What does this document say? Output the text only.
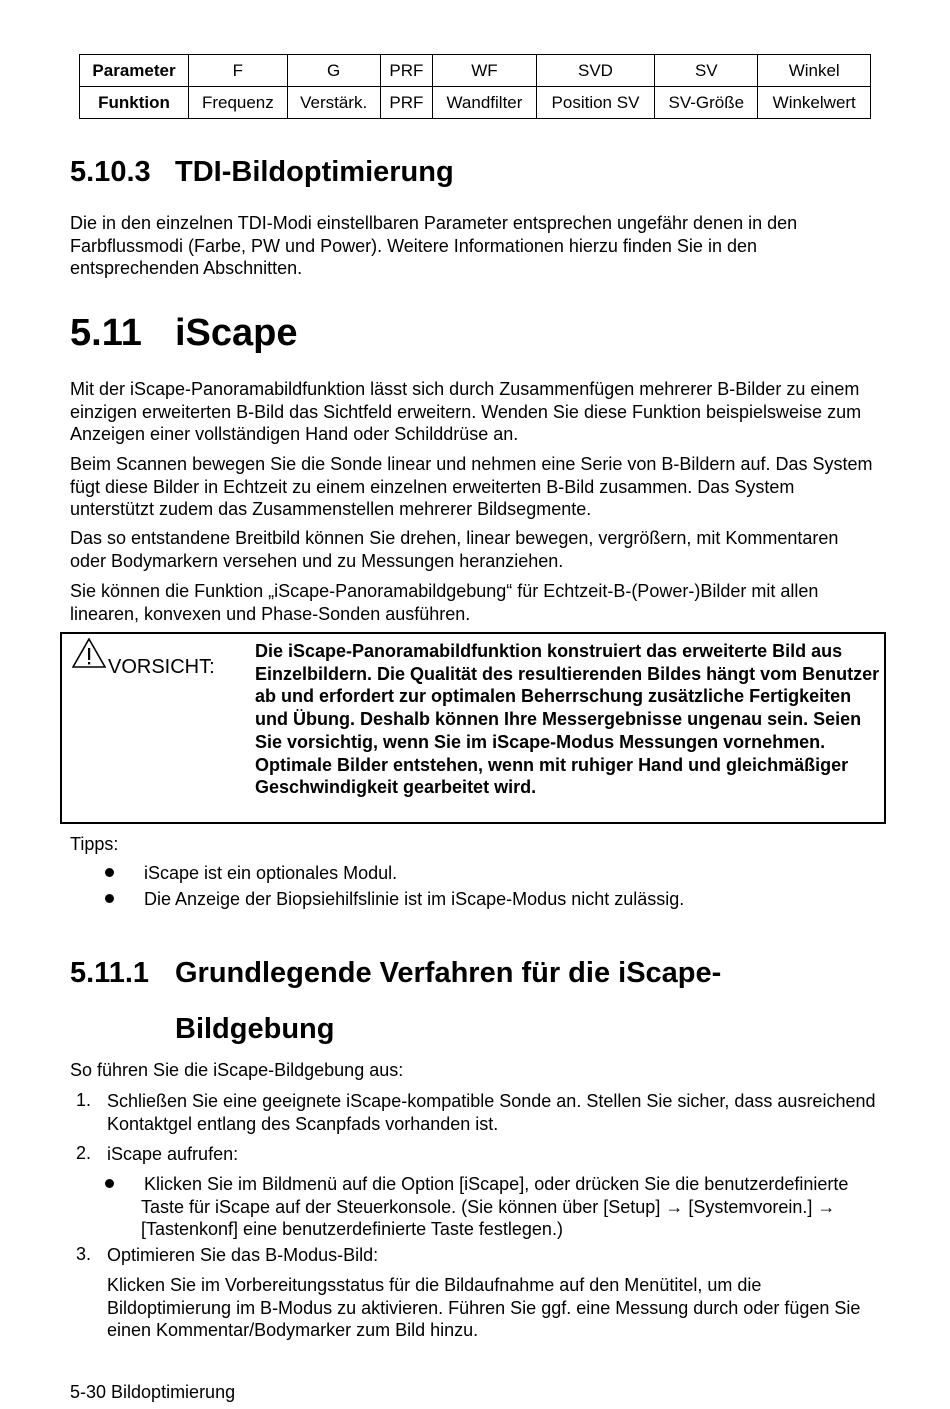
Parameter	F	G	PRF	WF	SVD	SV	Winkel
Funktion	Frequenz	Verstärk.	PRF	Wandfilter	Position SV	SV-Größe	Winkelwert
5.10.3 TDI-Bildoptimierung

Die in den einzelnen TDI-Modi einstellbaren Parameter entsprechen ungefähr denen in den Farbflussmodi (Farbe, PW und Power). Weitere Informationen hierzu finden Sie in den entsprechenden Abschnitten.

5.11 iScape

Mit der iScape-Panoramabildfunktion lässt sich durch Zusammenfügen mehrerer B-Bilder zu einem einzigen erweiterten B-Bild das Sichtfeld erweitern. Wenden Sie diese Funktion beispielsweise zum Anzeigen einer vollständigen Hand oder Schilddrüse an.

Beim Scannen bewegen Sie die Sonde linear und nehmen eine Serie von B-Bildern auf. Das System fügt diese Bilder in Echtzeit zu einem einzelnen erweiterten B-Bild zusammen. Das System unterstützt zudem das Zusammenstellen mehrerer Bildsegmente.

Das so entstandene Breitbild können Sie drehen, linear bewegen, vergrößern, mit Kommentaren oder Bodymarkern versehen und zu Messungen heranziehen.

Sie können die Funktion „iScape-Panoramabildgebung“ für Echtzeit-B-(Power-)Bilder mit allen linearen, konvexen und Phase-Sonden ausführen.

VORSICHT:
Die iScape-Panoramabildfunktion konstruiert das erweiterte Bild aus Einzelbildern. Die Qualität des resultierenden Bildes hängt vom Benutzer ab und erfordert zur optimalen Beherrschung zusätzliche Fertigkeiten und Übung. Deshalb können Ihre Messergebnisse ungenau sein. Seien Sie vorsichtig, wenn Sie im iScape-Modus Messungen vornehmen. Optimale Bilder entstehen, wenn mit ruhiger Hand und gleichmäßiger Geschwindigkeit gearbeitet wird.

Tipps:

iScape ist ein optionales Modul.

Die Anzeige der Biopsiehilfslinie ist im iScape-Modus nicht zulässig.

5.11.1 Grundlegende Verfahren für die iScape-
Bildgebung

So führen Sie die iScape-Bildgebung aus:

1. Schließen Sie eine geeignete iScape-kompatible Sonde an. Stellen Sie sicher, dass ausreichend Kontaktgel entlang des Scanpfads vorhanden ist.

2. iScape aufrufen:

Klicken Sie im Bildmenü auf die Option [iScape], oder drücken Sie die benutzerdefinierte Taste für iScape auf der Steuerkonsole. (Sie können über [Setup] → [Systemvorein.] → [Tastenkonf] eine benutzerdefinierte Taste festlegen.)

3. Optimieren Sie das B-Modus-Bild:

Klicken Sie im Vorbereitungsstatus für die Bildaufnahme auf den Menütitel, um die Bildoptimierung im B-Modus zu aktivieren. Führen Sie ggf. eine Messung durch oder fügen Sie einen Kommentar/Bodymarker zum Bild hinzu.

5-30 Bildoptimierung
